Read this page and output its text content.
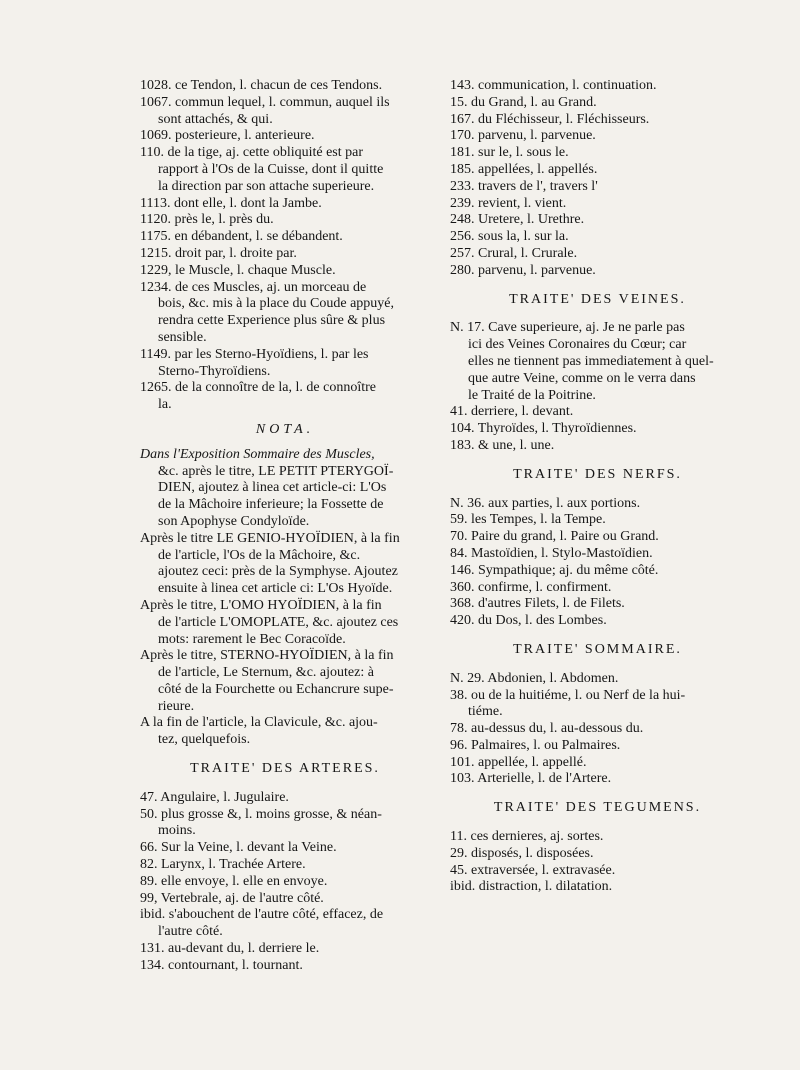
1028. ce Tendon, l. chacun de ces Tendons.
1067. commun lequel, l. commun, auquel ils
sont attachés, & qui.
1069. posterieure, l. anterieure.
110. de la tige, aj. cette obliquité est par
rapport à l'Os de la Cuisse, dont il quitte
la direction par son attache superieure.
1113. dont elle, l. dont la Jambe.
1120. près le, l. près du.
1175. en débandent, l. se débandent.
1215. droit par, l. droite par.
1229, le Muscle, l. chaque Muscle.
1234. de ces Muscles, aj. un morceau de
bois, &c. mis à la place du Coude appuyé,
rendra cette Experience plus sûre & plus
sensible.
1149. par les Sterno-Hyoïdiens, l. par les
Sterno-Thyroïdiens.
1265. de la connoître de la, l. de connoître
la.
NOTA.
Dans l'Exposition Sommaire des Muscles,
&c. après le titre, LE PETIT PTERYGOÏ-
DIEN, ajoutez à linea cet article-ci: L'Os
de la Mâchoire inferieure; la Fossette de
son Apophyse Condyloïde.
Après le titre LE GENIO-HYOÏDIEN, à la fin
de l'article, l'Os de la Mâchoire, &c.
ajoutez ceci: près de la Symphyse. Ajoutez
ensuite à linea cet article ci: L'Os Hyoïde.
Après le titre, L'OMO HYOÏDIEN, à la fin
de l'article L'OMOPLATE, &c. ajoutez ces
mots: rarement le Bec Coracoïde.
Après le titre, STERNO-HYOÏDIEN, à la fin
de l'article, Le Sternum, &c. ajoutez: à
côté de la Fourchette ou Echancrure supe-
rieure.
A la fin de l'article, la Clavicule, &c. ajou-
tez, quelquefois.
TRAITE' DES ARTERES.
47. Angulaire, l. Jugulaire.
50. plus grosse &, l. moins grosse, & néan-
moins.
66. Sur la Veine, l. devant la Veine.
82. Larynx, l. Trachée Artere.
89. elle envoye, l. elle en envoye.
99, Vertebrale, aj. de l'autre côté.
ibid. s'abouchent de l'autre côté, effacez, de
l'autre côté.
131. au-devant du, l. derriere le.
134. contournant, l. tournant.
143. communication, l. continuation.
15. du Grand, l. au Grand.
167. du Fléchisseur, l. Fléchisseurs.
170. parvenu, l. parvenue.
181. sur le, l. sous le.
185. appellées, l. appellés.
233. travers de l', travers l'
239. revient, l. vient.
248. Uretere, l. Urethre.
256. sous la, l. sur la.
257. Crural, l. Crurale.
280. parvenu, l. parvenue.
TRAITE' DES VEINES.
N. 17. Cave superieure, aj. Je ne parle pas
ici des Veines Coronaires du Cœur; car
elles ne tiennent pas immediatement à quel-
que autre Veine, comme on le verra dans
le Traité de la Poitrine.
41. derriere, l. devant.
104. Thyroïdes, l. Thyroïdiennes.
183. & une, l. une.
TRAITE' DES NERFS.
N. 36. aux parties, l. aux portions.
59. les Tempes, l. la Tempe.
70. Paire du grand, l. Paire ou Grand.
84. Mastoïdien, l. Stylo-Mastoïdien.
146. Sympathique; aj. du même côté.
360. confirme, l. confirment.
368. d'autres Filets, l. de Filets.
420. du Dos, l. des Lombes.
TRAITE' SOMMAIRE.
N. 29. Abdonien, l. Abdomen.
38. ou de la huitiéme, l. ou Nerf de la hui-
tiéme.
78. au-dessus du, l. au-dessous du.
96. Palmaires, l. ou Palmaires.
101. appellée, l. appellé.
103. Arterielle, l. de l'Artere.
TRAITE' DES TEGUMENS.
11. ces dernieres, aj. sortes.
29. disposés, l. disposées.
45. extraversée, l. extravasée.
ibid. distraction, l. dilatation.
